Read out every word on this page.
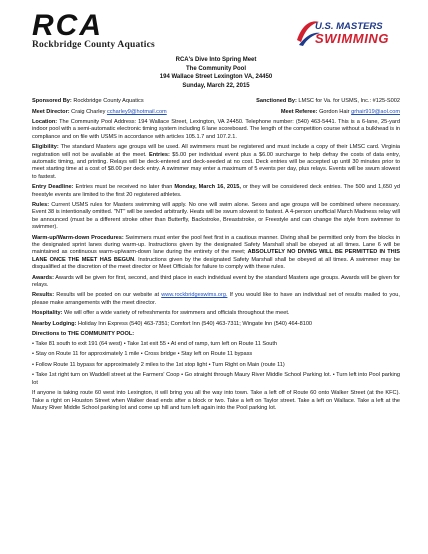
RCA
Rockbridge County Aquatics
U.S. MASTERS
SWIMMING
RCA's Dive Into Spring Meet
The Community Pool
194 Wallace Street Lexington VA, 24450
Sunday, March 22, 2015
Sponsored By: Rockbridge County Aquatics	Sanctioned By: LMSC for Va. for USMS, Inc.: #125-S002
Meet Director: Craig Charley ccharley9@hotmail.com	Meet Referee: Gordon Hair grhair919@aol.com

Location: The Community Pool Address: 194 Wallace Street, Lexington, VA 24450. Telephone number: (540) 463-5441. This is a 6-lane, 25-yard indoor pool with a semi-automatic electronic timing system including 6 lane scoreboard. The length of the competition course without a bulkhead is in compliance and on file with USMS in accordance with articles 105.1.7 and 107.2.1.

Eligibility: The standard Masters age groups will be used. All swimmers must be registered and must include a copy of their LMSC card. Virginia registration will not be available at the meet. Entries: $5.00 per individual event plus a $6.00 surcharge to help defray the costs of data entry, automatic timing, and printing. Relays will be deck-entered and deck-seeded at no cost. Deck entries will be accepted up until 30 minutes prior to meet starting time at a cost of $8.00 per deck entry. A swimmer may enter a maximum of 5 events per day, plus relays. Events will be swum slowest to fastest.

Entry Deadline: Entries must be received no later than Monday, March 16, 2015, or they will be considered deck entries. The 500 and 1,650 yd freestyle events are limited to the first 20 registered athletes.

Rules: Current USMS rules for Masters swimming will apply. No one will swim alone. Sexes and age groups will be combined where necessary. Event 38 is intentionally omitted. "NT" will be seeded arbitrarily. Heats will be swum slowest to fastest. A 4-person unofficial March Madness relay will be announced (must be a different stroke other than Butterfly, Backstroke, Breaststroke, or Freestyle and can change the style from swimmer to swimmer).

Warm-up/Warm-down Procedures: Swimmers must enter the pool feet first in a cautious manner. Diving shall be permitted only from the blocks in the designated sprint lanes during warm-up. Instructions given by the designated Safety Marshall shall be obeyed at all times. Lane 6 will be maintained as continuous warm-up/warm-down lane during the entirety of the meet; ABSOLUTELY NO DIVING WILL BE PERMITTED IN THIS LANE ONCE THE MEET HAS BEGUN. Instructions given by the designated Safety Marshall shall be obeyed at all times. A swimmer may be disqualified at the discretion of the meet director or Meet Officials for failure to comply with these rules.

Awards: Awards will be given for first, second, and third place in each individual event by the standard Masters age groups. Awards will be given for relays.

Results: Results will be posted on our website at www.rockbridgeswims.org. If you would like to have an individual set of results mailed to you, please make arrangements with the meet director.

Hospitality: We will offer a wide variety of refreshments for swimmers and officials throughout the meet.

Nearby Lodging: Holiday Inn Express (540) 463-7351; Comfort Inn (540) 463-7311; Wingate Inn (540) 464-8100

Directions to THE COMMUNITY POOL:

• Take 81 south to exit 191 (64 west) • Take 1st exit 55 • At end of ramp, turn left on Route 11 South

• Stay on Route 11 for approximately 1 mile • Cross bridge • Stay left on Route 11 bypass

• Follow Route 11 bypass for approximately 2 miles to the 1st stop light • Turn Right on Main (route 11)

• Take 1st right turn on Waddell street at the Farmers' Coop • Go straight through Maury River Middle School Parking lot. • Turn left into Pool parking lot

If anyone is taking route 60 west into Lexington, it will bring you all the way into town. Take a left off of Route 60 onto Walker Street (at the KFC). Take a right on Houston Street when Walker dead ends after a block or two. Take a left on Taylor street. Take a left on Wallace. Take a left at the Maury River Middle School parking lot and come up hill and turn left again into the Pool parking lot.
